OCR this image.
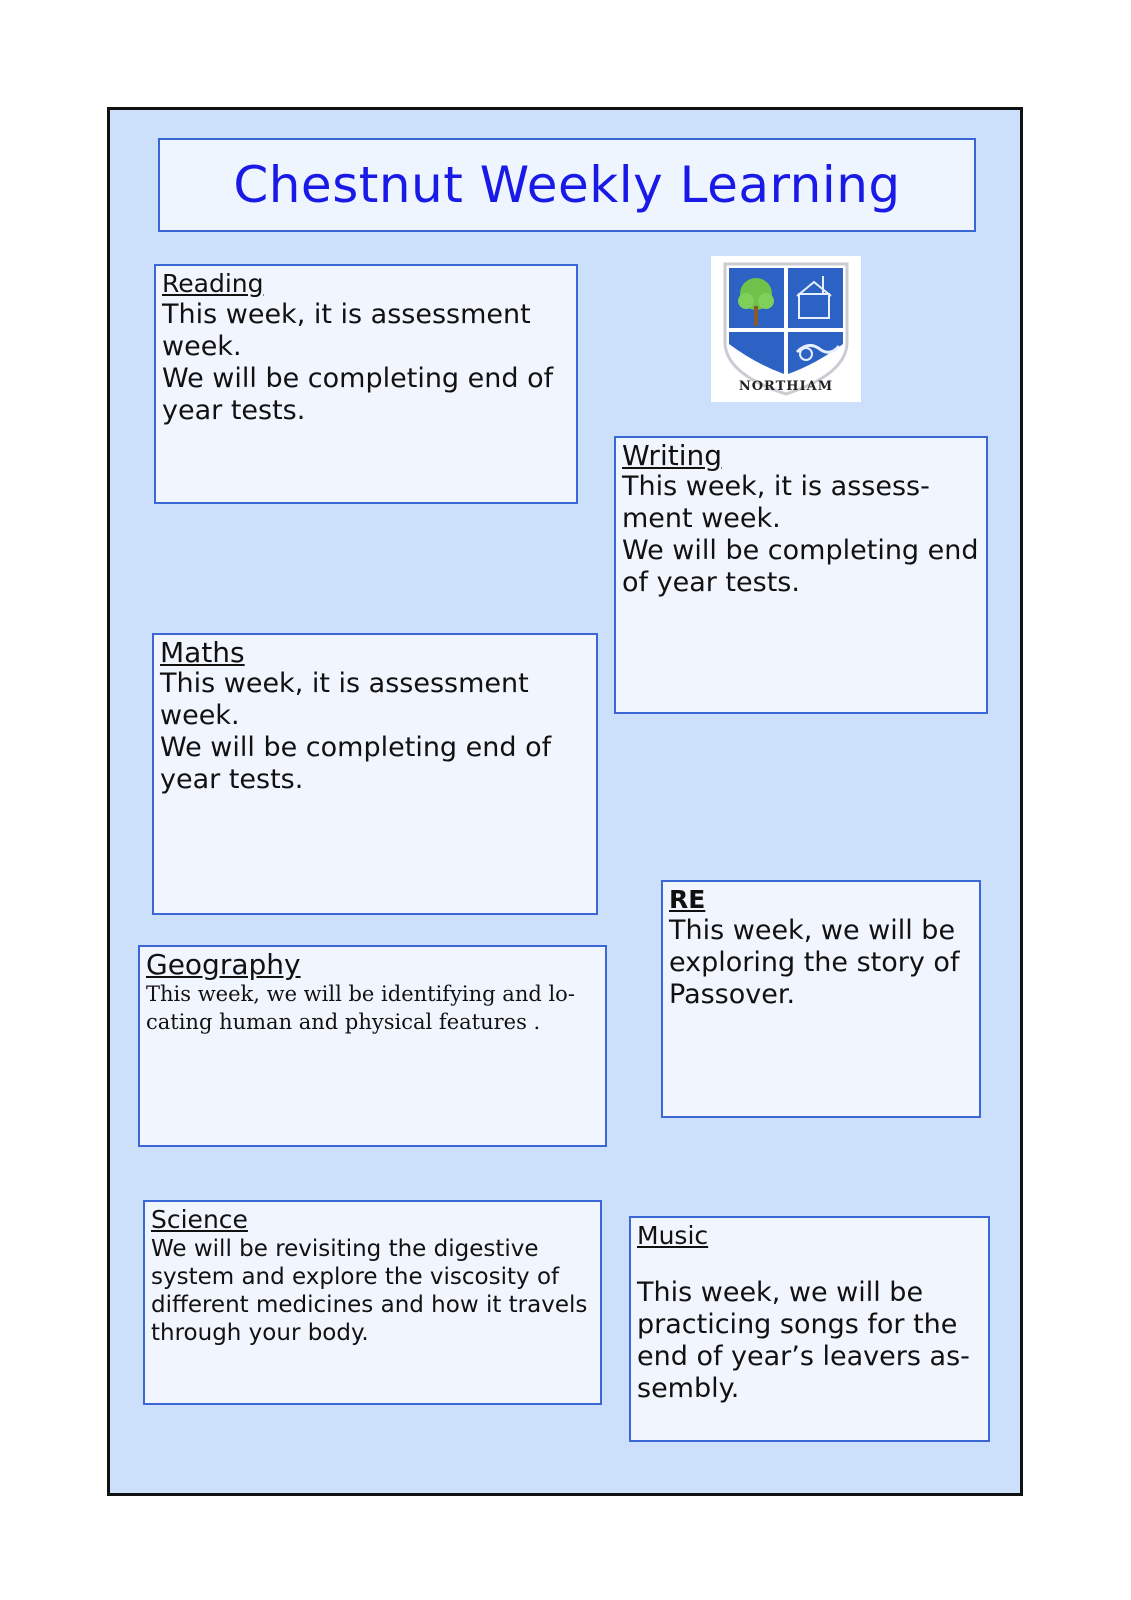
Chestnut Weekly Learning
Reading

This week, it is assessment week.

We will be completing end of year tests.

NORTHIAM
Writing

This week, it is assess- ment week.

We will be completing end of year tests.

Maths

This week, it is assessment week.

We will be completing end of year tests.

RE

This week, we will be exploring the story of Passover.

Geography

This week, we will be identifying and lo- cating human and physical features .

Science

We will be revisiting the digestive system and explore the viscosity of different medicines and how it travels through your body.

Music

This week, we will be practicing songs for the end of year’s leavers as- sembly.
